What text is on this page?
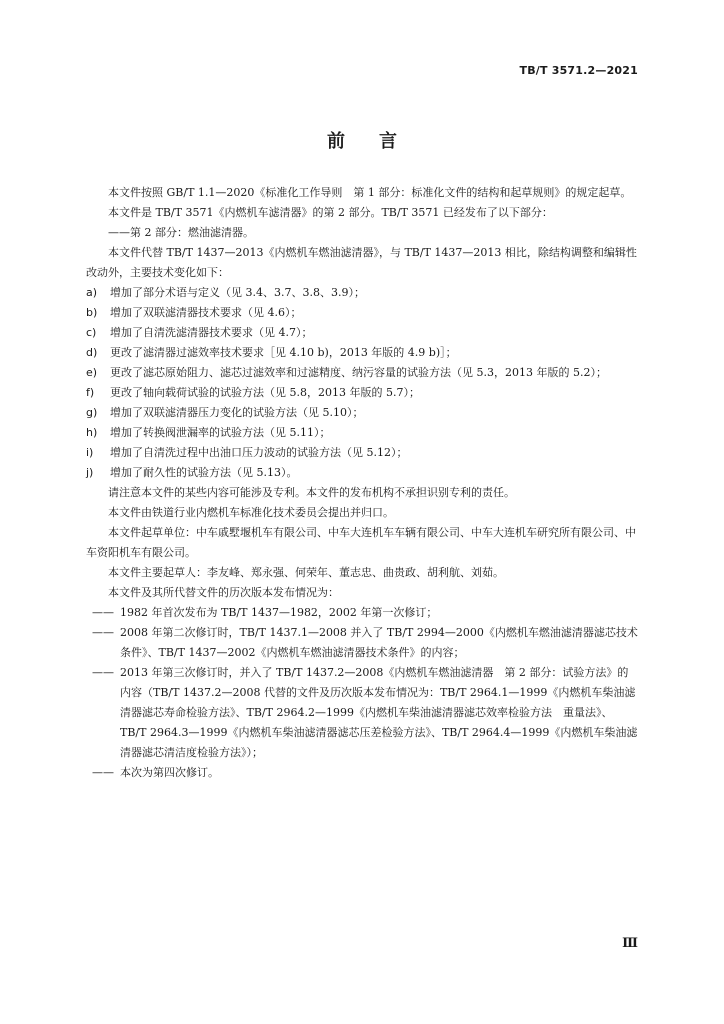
TB/T 3571.2—2021
前言

本文件按照 GB/T 1.1—2020《标准化工作导则　第 1 部分：标准化文件的结构和起草规则》的规定起草。

本文件是 TB/T 3571《内燃机车滤清器》的第 2 部分。TB/T 3571 已经发布了以下部分：

——第 2 部分：燃油滤清器。

本文件代替 TB/T 1437—2013《内燃机车燃油滤清器》，与 TB/T 1437—2013 相比，除结构调整和编辑性改动外，主要技术变化如下：

a)	增加了部分术语与定义（见 3.4、3.7、3.8、3.9）；
b)	增加了双联滤清器技术要求（见 4.6）；
c)	增加了自清洗滤清器技术要求（见 4.7）；
d)	更改了滤清器过滤效率技术要求［见 4.10 b)，2013 年版的 4.9 b)］；
e)	更改了滤芯原始阻力、滤芯过滤效率和过滤精度、纳污容量的试验方法（见 5.3，2013 年版的 5.2）；
f)	更改了轴向载荷试验的试验方法（见 5.8，2013 年版的 5.7）；
g)	增加了双联滤清器压力变化的试验方法（见 5.10）；
h)	增加了转换阀泄漏率的试验方法（见 5.11）；
i)	增加了自清洗过程中出油口压力波动的试验方法（见 5.12）；
j)	增加了耐久性的试验方法（见 5.13）。

请注意本文件的某些内容可能涉及专利。本文件的发布机构不承担识别专利的责任。

本文件由铁道行业内燃机车标准化技术委员会提出并归口。

本文件起草单位：中车戚墅堰机车有限公司、中车大连机车车辆有限公司、中车大连机车研究所有限公司、中车资阳机车有限公司。

本文件主要起草人：李友峰、郑永强、何荣年、董志忠、曲贵政、胡利航、刘茹。

本文件及其所代替文件的历次版本发布情况为：

—— 1982 年首次发布为 TB/T 1437—1982，2002 年第一次修订；
—— 2008 年第二次修订时，TB/T 1437.1—2008 并入了 TB/T 2994—2000《内燃机车燃油滤清器滤芯技术条件》、TB/T 1437—2002《内燃机车燃油滤清器技术条件》的内容；
—— 2013 年第三次修订时，并入了 TB/T 1437.2—2008《内燃机车燃油滤清器　第 2 部分：试验方法》的内容（TB/T 1437.2—2008 代替的文件及历次版本发布情况为：TB/T 2964.1—1999《内燃机车柴油滤清器滤芯寿命检验方法》、TB/T 2964.2—1999《内燃机车柴油滤清器滤芯效率检验方法　重量法》、TB/T 2964.3—1999《内燃机车柴油滤清器滤芯压差检验方法》、TB/T 2964.4—1999《内燃机车柴油滤清器滤芯清洁度检验方法》）；
—— 本次为第四次修订。
Ⅲ
